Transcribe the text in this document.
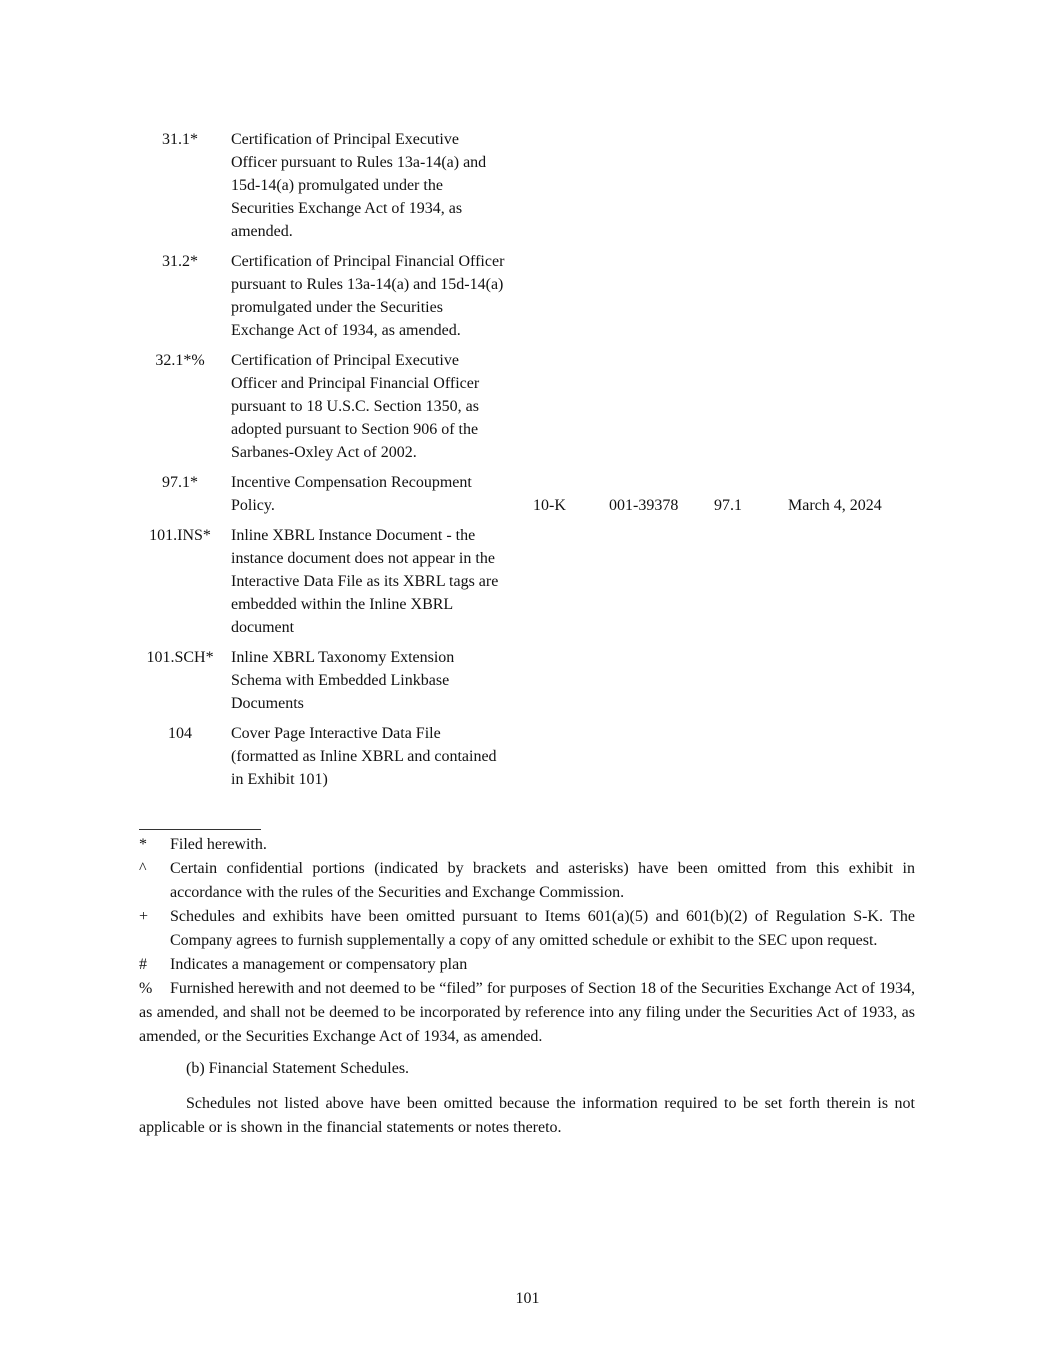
31.1*	Certification of Principal Executive Officer pursuant to Rules 13a-14(a) and 15d-14(a) promulgated under the Securities Exchange Act of 1934, as amended.
31.2*	Certification of Principal Financial Officer pursuant to Rules 13a-14(a) and 15d-14(a) promulgated under the Securities Exchange Act of 1934, as amended.
32.1*%	Certification of Principal Executive Officer and Principal Financial Officer pursuant to 18 U.S.C. Section 1350, as adopted pursuant to Section 906 of the Sarbanes-Oxley Act of 2002.
97.1*	Incentive Compensation Recoupment Policy.	10-K	001-39378 97.1	March 4, 2024
101.INS*	Inline XBRL Instance Document - the instance document does not appear in the Interactive Data File as its XBRL tags are embedded within the Inline XBRL document
101.SCH*	Inline XBRL Taxonomy Extension Schema with Embedded Linkbase Documents
104	Cover Page Interactive Data File (formatted as Inline XBRL and contained in Exhibit 101)
* Filed herewith.
^ Certain confidential portions (indicated by brackets and asterisks) have been omitted from this exhibit in accordance with the rules of the Securities and Exchange Commission.
+ Schedules and exhibits have been omitted pursuant to Items 601(a)(5) and 601(b)(2) of Regulation S-K. The Company agrees to furnish supplementally a copy of any omitted schedule or exhibit to the SEC upon request.
# Indicates a management or compensatory plan
% Furnished herewith and not deemed to be “filed” for purposes of Section 18 of the Securities Exchange Act of 1934, as amended, and shall not be deemed to be incorporated by reference into any filing under the Securities Act of 1933, as amended, or the Securities Exchange Act of 1934, as amended.
(b) Financial Statement Schedules.
Schedules not listed above have been omitted because the information required to be set forth therein is not applicable or is shown in the financial statements or notes thereto.
101
